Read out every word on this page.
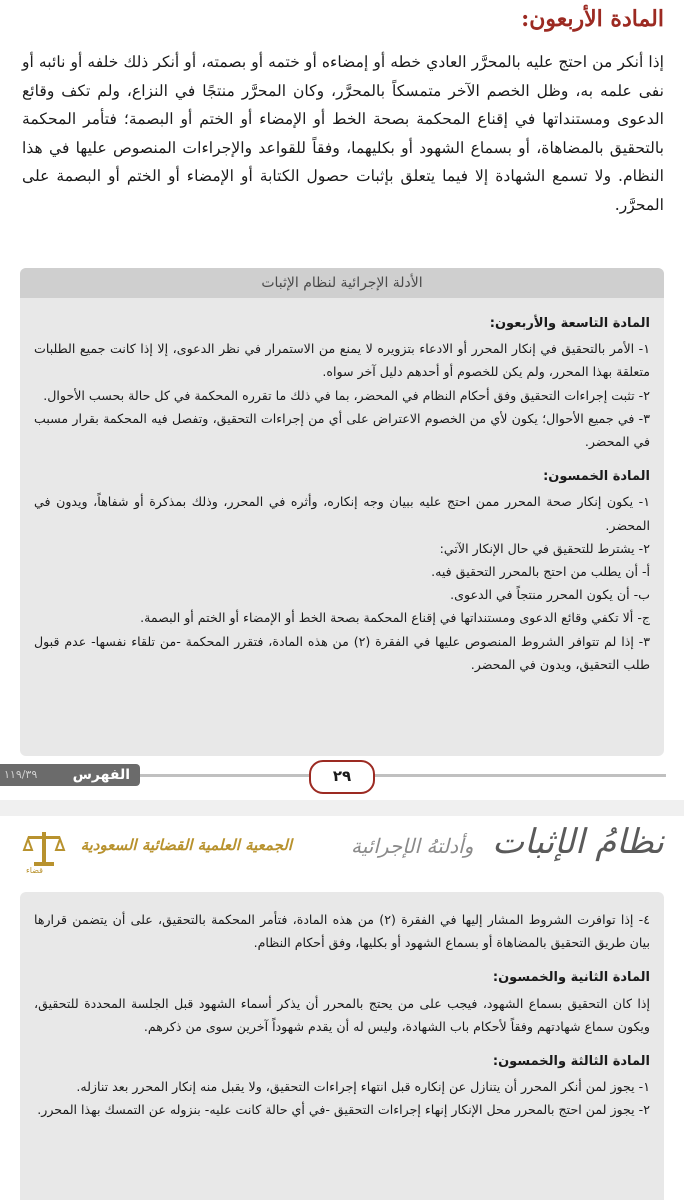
المادة الأربعون:

إذا أنكر من احتج عليه بالمحرَّر العادي خطه أو إمضاءه أو ختمه أو بصمته، أو أنكر ذلك خلفه أو نائبه أو نفى علمه به، وظل الخصم الآخر متمسكاً بالمحرَّر، وكان المحرَّر منتجًا في النزاع، ولم تكف وقائع الدعوى ومستنداتها في إقناع المحكمة بصحة الخط أو الإمضاء أو الختم أو البصمة؛ فتأمر المحكمة بالتحقيق بالمضاهاة، أو بسماع الشهود أو بكليهما، وفقاً للقواعد والإجراءات المنصوص عليها في هذا النظام. ولا تسمع الشهادة إلا فيما يتعلق بإثبات حصول الكتابة أو الإمضاء أو الختم أو البصمة على المحرَّر.

الأدلة الإجرائية لنظام الإثبات
المادة التاسعة والأربعون:

١- الأمر بالتحقيق في إنكار المحرر أو الادعاء بتزويره لا يمنع من الاستمرار في نظر الدعوى، إلا إذا كانت جميع الطلبات متعلقة بهذا المحرر، ولم يكن للخصوم أو أحدهم دليل آخر سواه.

٢- تثبت إجراءات التحقيق وفق أحكام النظام في المحضر، بما في ذلك ما تقرره المحكمة في كل حالة بحسب الأحوال.

٣- في جميع الأحوال؛ يكون لأي من الخصوم الاعتراض على أي من إجراءات التحقيق، وتفصل فيه المحكمة بقرار مسبب في المحضر.

المادة الخمسون:

١- يكون إنكار صحة المحرر ممن احتج عليه ببيان وجه إنكاره، وأثره في المحرر، وذلك بمذكرة أو شفاهاً، ويدون في المحضر.

٢- يشترط للتحقيق في حال الإنكار الآتي:

أ- أن يطلب من احتج بالمحرر التحقيق فيه.

ب- أن يكون المحرر منتجاً في الدعوى.

ج- ألا تكفي وقائع الدعوى ومستنداتها في إقناع المحكمة بصحة الخط أو الإمضاء أو الختم أو البصمة.

٣- إذا لم تتوافر الشروط المنصوص عليها في الفقرة (٢) من هذه المادة، فتقرر المحكمة -من تلقاء نفسها- عدم قبول طلب التحقيق، ويدون في المحضر.

٢٩
الفهرس
١١٩/٣٩
نظامُ الإثبات وأدلتهُ الإجرائية
الجمعية العلمية القضائية السعودية
قضاء

٤- إذا توافرت الشروط المشار إليها في الفقرة (٢) من هذه المادة، فتأمر المحكمة بالتحقيق، على أن يتضمن قرارها بيان طريق التحقيق بالمضاهاة أو بسماع الشهود أو بكليها، وفق أحكام النظام.

المادة الثانية والخمسون:

إذا كان التحقيق بسماع الشهود، فيجب على من يحتج بالمحرر أن يذكر أسماء الشهود قبل الجلسة المحددة للتحقيق، ويكون سماع شهادتهم وفقاً لأحكام باب الشهادة، وليس له أن يقدم شهوداً آخرين سوى من ذكرهم.

المادة الثالثة والخمسون:

١- يجوز لمن أنكر المحرر أن يتنازل عن إنكاره قبل انتهاء إجراءات التحقيق، ولا يقبل منه إنكار المحرر بعد تنازله.

٢- يجوز لمن احتج بالمحرر محل الإنكار إنهاء إجراءات التحقيق -في أي حالة كانت عليه- بنزوله عن التمسك بهذا المحرر.
